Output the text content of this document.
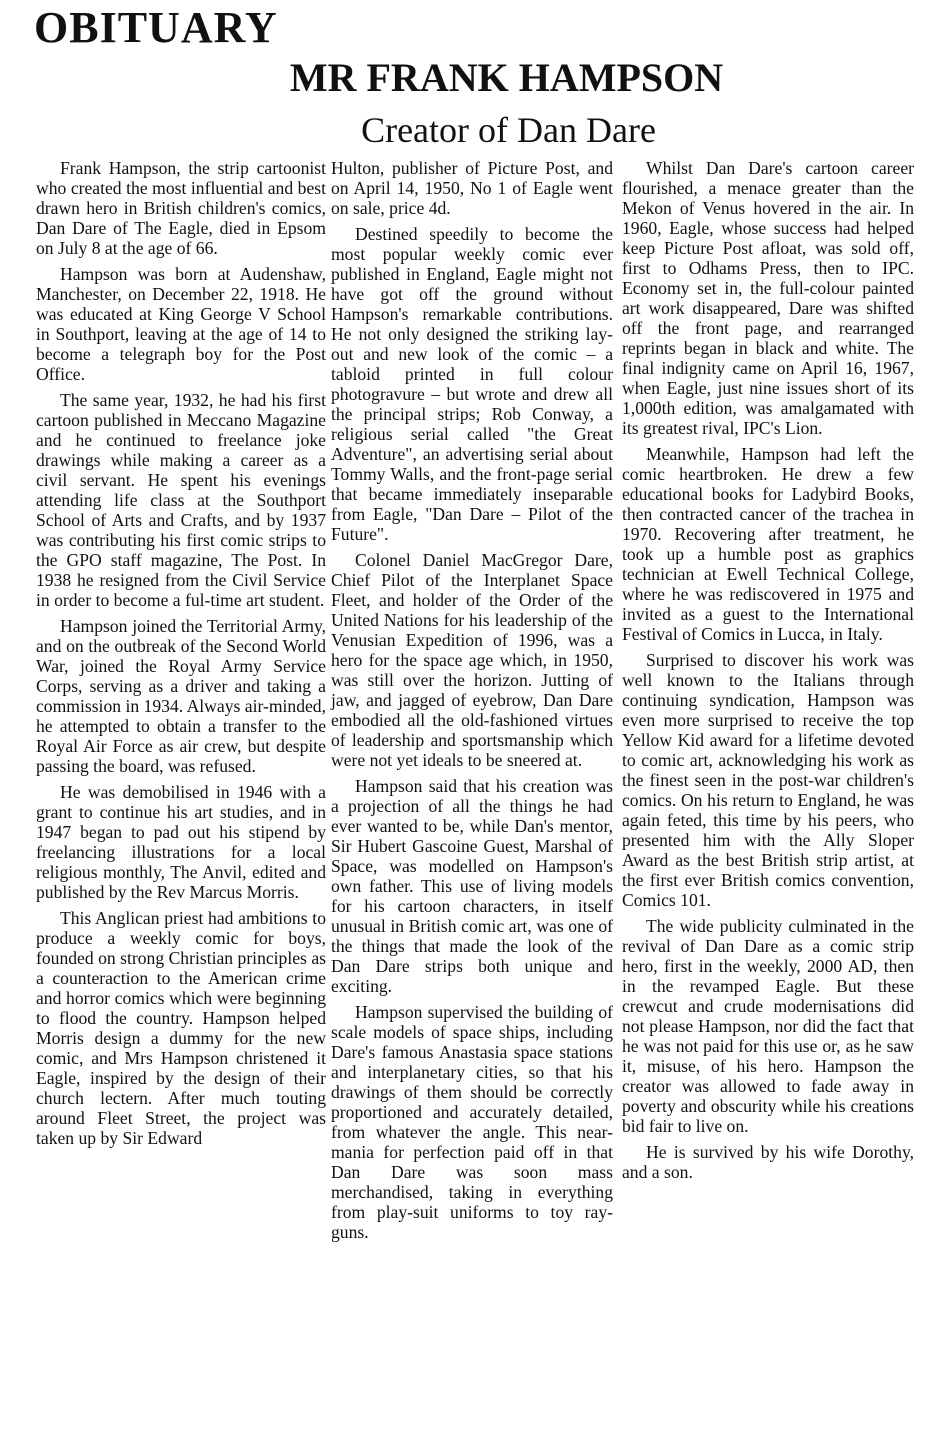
OBITUARY
MR FRANK HAMPSON
Creator of Dan Dare

Frank Hampson, the strip cartoonist who created the most influential and best drawn hero in British children's comics, Dan Dare of The Eagle, died in Epsom on July 8 at the age of 66.

Hampson was born at Audenshaw, Manchester, on December 22, 1918. He was educated at King George V School in Southport, leaving at the age of 14 to become a telegraph boy for the Post Office.

The same year, 1932, he had his first cartoon published in Meccano Magazine and he continued to freelance joke drawings while making a career as a civil servant. He spent his evenings attending life class at the Southport School of Arts and Crafts, and by 1937 was contributing his first comic strips to the GPO staff magazine, The Post. In 1938 he resigned from the Civil Service in order to become a ful-time art student.

Hampson joined the Territorial Army, and on the outbreak of the Second World War, joined the Royal Army Service Corps, serving as a driver and taking a commission in 1934. Always air-minded, he attempted to obtain a transfer to the Royal Air Force as air crew, but despite passing the board, was refused.

He was demobilised in 1946 with a grant to continue his art studies, and in 1947 began to pad out his stipend by freelancing illustrations for a local religious monthly, The Anvil, edited and published by the Rev Marcus Morris.

This Anglican priest had ambitions to produce a weekly comic for boys, founded on strong Christian principles as a counteraction to the American crime and horror comics which were beginning to flood the country. Hampson helped Morris design a dummy for the new comic, and Mrs Hampson christened it Eagle, inspired by the design of their church lectern. After much touting around Fleet Street, the project was taken up by Sir Edward

Hulton, publisher of Picture Post, and on April 14, 1950, No 1 of Eagle went on sale, price 4d.

Destined speedily to become the most popular weekly comic ever published in England, Eagle might not have got off the ground without Hampson's remarkable contributions. He not only designed the striking lay-out and new look of the comic – a tabloid printed in full colour photogravure – but wrote and drew all the principal strips; Rob Conway, a religious serial called "the Great Adventure", an advertising serial about Tommy Walls, and the front-page serial that became immediately inseparable from Eagle, "Dan Dare – Pilot of the Future".

Colonel Daniel MacGregor Dare, Chief Pilot of the Interplanet Space Fleet, and holder of the Order of the United Nations for his leadership of the Venusian Expedition of 1996, was a hero for the space age which, in 1950, was still over the horizon. Jutting of jaw, and jagged of eyebrow, Dan Dare embodied all the old-fashioned virtues of leadership and sportsmanship which were not yet ideals to be sneered at.

Hampson said that his creation was a projection of all the things he had ever wanted to be, while Dan's mentor, Sir Hubert Gascoine Guest, Marshal of Space, was modelled on Hampson's own father. This use of living models for his cartoon characters, in itself unusual in British comic art, was one of the things that made the look of the Dan Dare strips both unique and exciting.

Hampson supervised the building of scale models of space ships, including Dare's famous Anastasia space stations and interplanetary cities, so that his drawings of them should be correctly proportioned and accurately detailed, from whatever the angle. This near-mania for perfection paid off in that Dan Dare was soon mass merchandised, taking in everything from play-suit uniforms to toy ray-guns.

Whilst Dan Dare's cartoon career flourished, a menace greater than the Mekon of Venus hovered in the air. In 1960, Eagle, whose success had helped keep Picture Post afloat, was sold off, first to Odhams Press, then to IPC. Economy set in, the full-colour painted art work disappeared, Dare was shifted off the front page, and rearranged reprints began in black and white. The final indignity came on April 16, 1967, when Eagle, just nine issues short of its 1,000th edition, was amalgamated with its greatest rival, IPC's Lion.

Meanwhile, Hampson had left the comic heartbroken. He drew a few educational books for Ladybird Books, then contracted cancer of the trachea in 1970. Recovering after treatment, he took up a humble post as graphics technician at Ewell Technical College, where he was rediscovered in 1975 and invited as a guest to the International Festival of Comics in Lucca, in Italy.

Surprised to discover his work was well known to the Italians through continuing syndication, Hampson was even more surprised to receive the top Yellow Kid award for a lifetime devoted to comic art, acknowledging his work as the finest seen in the post-war children's comics. On his return to England, he was again feted, this time by his peers, who presented him with the Ally Sloper Award as the best British strip artist, at the first ever British comics convention, Comics 101.

The wide publicity culminated in the revival of Dan Dare as a comic strip hero, first in the weekly, 2000 AD, then in the revamped Eagle. But these crewcut and crude modernisations did not please Hampson, nor did the fact that he was not paid for this use or, as he saw it, misuse, of his hero. Hampson the creator was allowed to fade away in poverty and obscurity while his creations bid fair to live on.

He is survived by his wife Dorothy, and a son.
